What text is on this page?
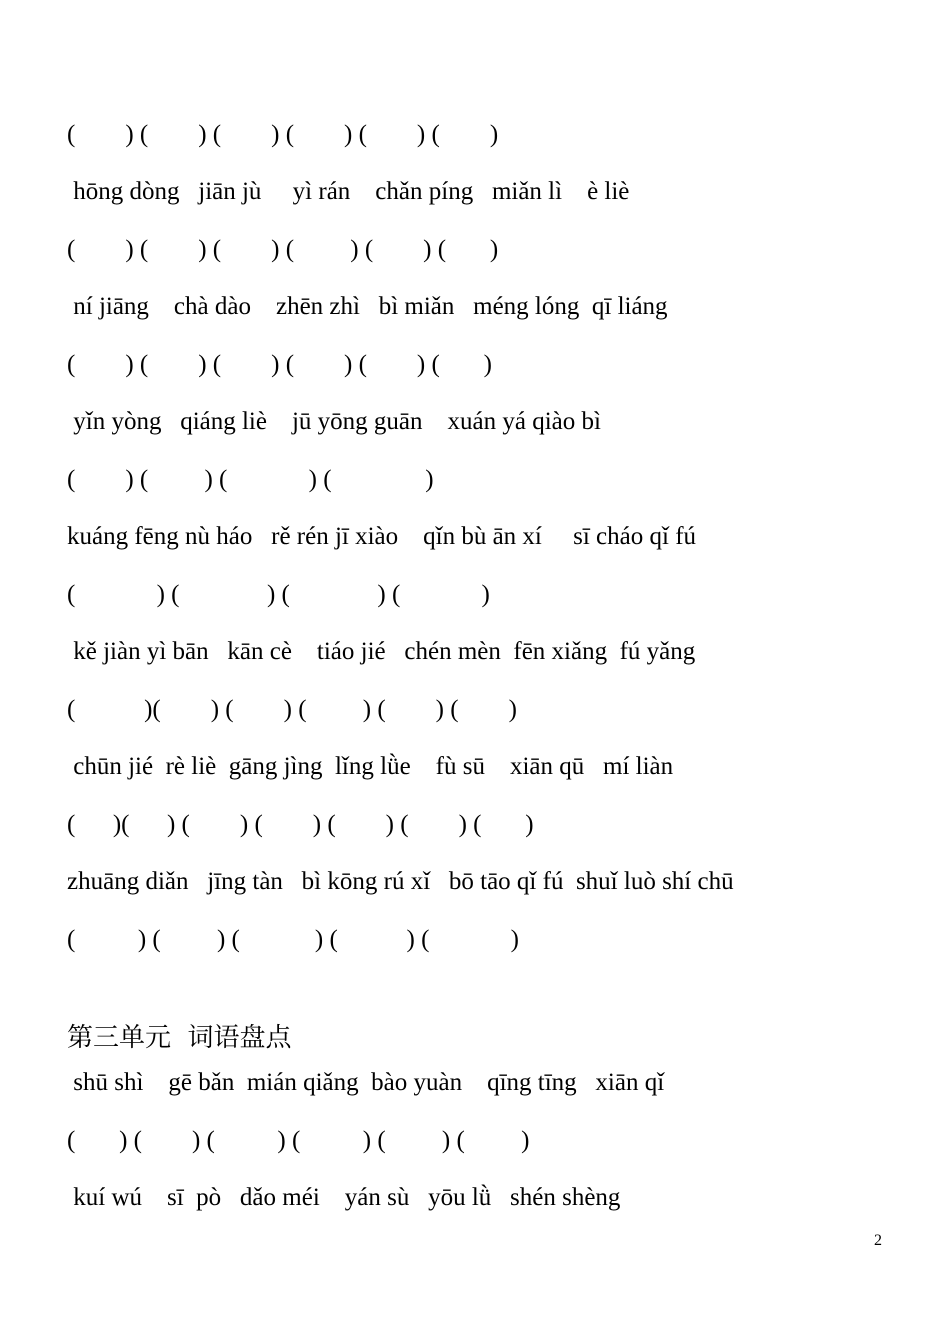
(        ) (        ) (        ) (        ) (        ) (        )
hōng dòng   jiān jù     yì rán    chǎn píng   miǎn lì    è liè
(        ) (        ) (        ) (         ) (        ) (       )
ní jiāng    chà dào    zhēn zhì   bì miǎn   méng lóng  qī liáng
(        ) (        ) (        ) (        ) (        ) (       )
yǐn yòng   qiáng liè    jū yōng guān    xuán yá qiào bì
(        ) (         ) (             ) (               )
kuáng fēng nù háo   rě rén jī xiào    qǐn bù ān xí     sī cháo qǐ fú
(             ) (              ) (              ) (             )
kě jiàn yì bān   kān cè    tiáo jié   chén mèn  fēn xiǎng  fú yǎng
(           )(        ) (        ) (         ) (        ) (        )
chūn jié  rè liè  gāng jìng  lǐng lǜe    fù sū    xiān qū   mí liàn
(      )(      ) (        ) (        ) (        ) (        ) (       )
zhuāng diǎn   jīng tàn   bì kōng rú xǐ   bō tāo qǐ fú  shuǐ luò shí chū
(          ) (         ) (            ) (           ) (             )
第三单元  词语盘点
shū shì    gē bǎn  mián qiǎng  bào yuàn    qīng tīng   xiān qǐ
(       ) (        ) (          ) (          ) (         ) (         )
kuí wú    sī  pò   dǎo méi    yán sù   yōu lǜ   shén shèng
2
